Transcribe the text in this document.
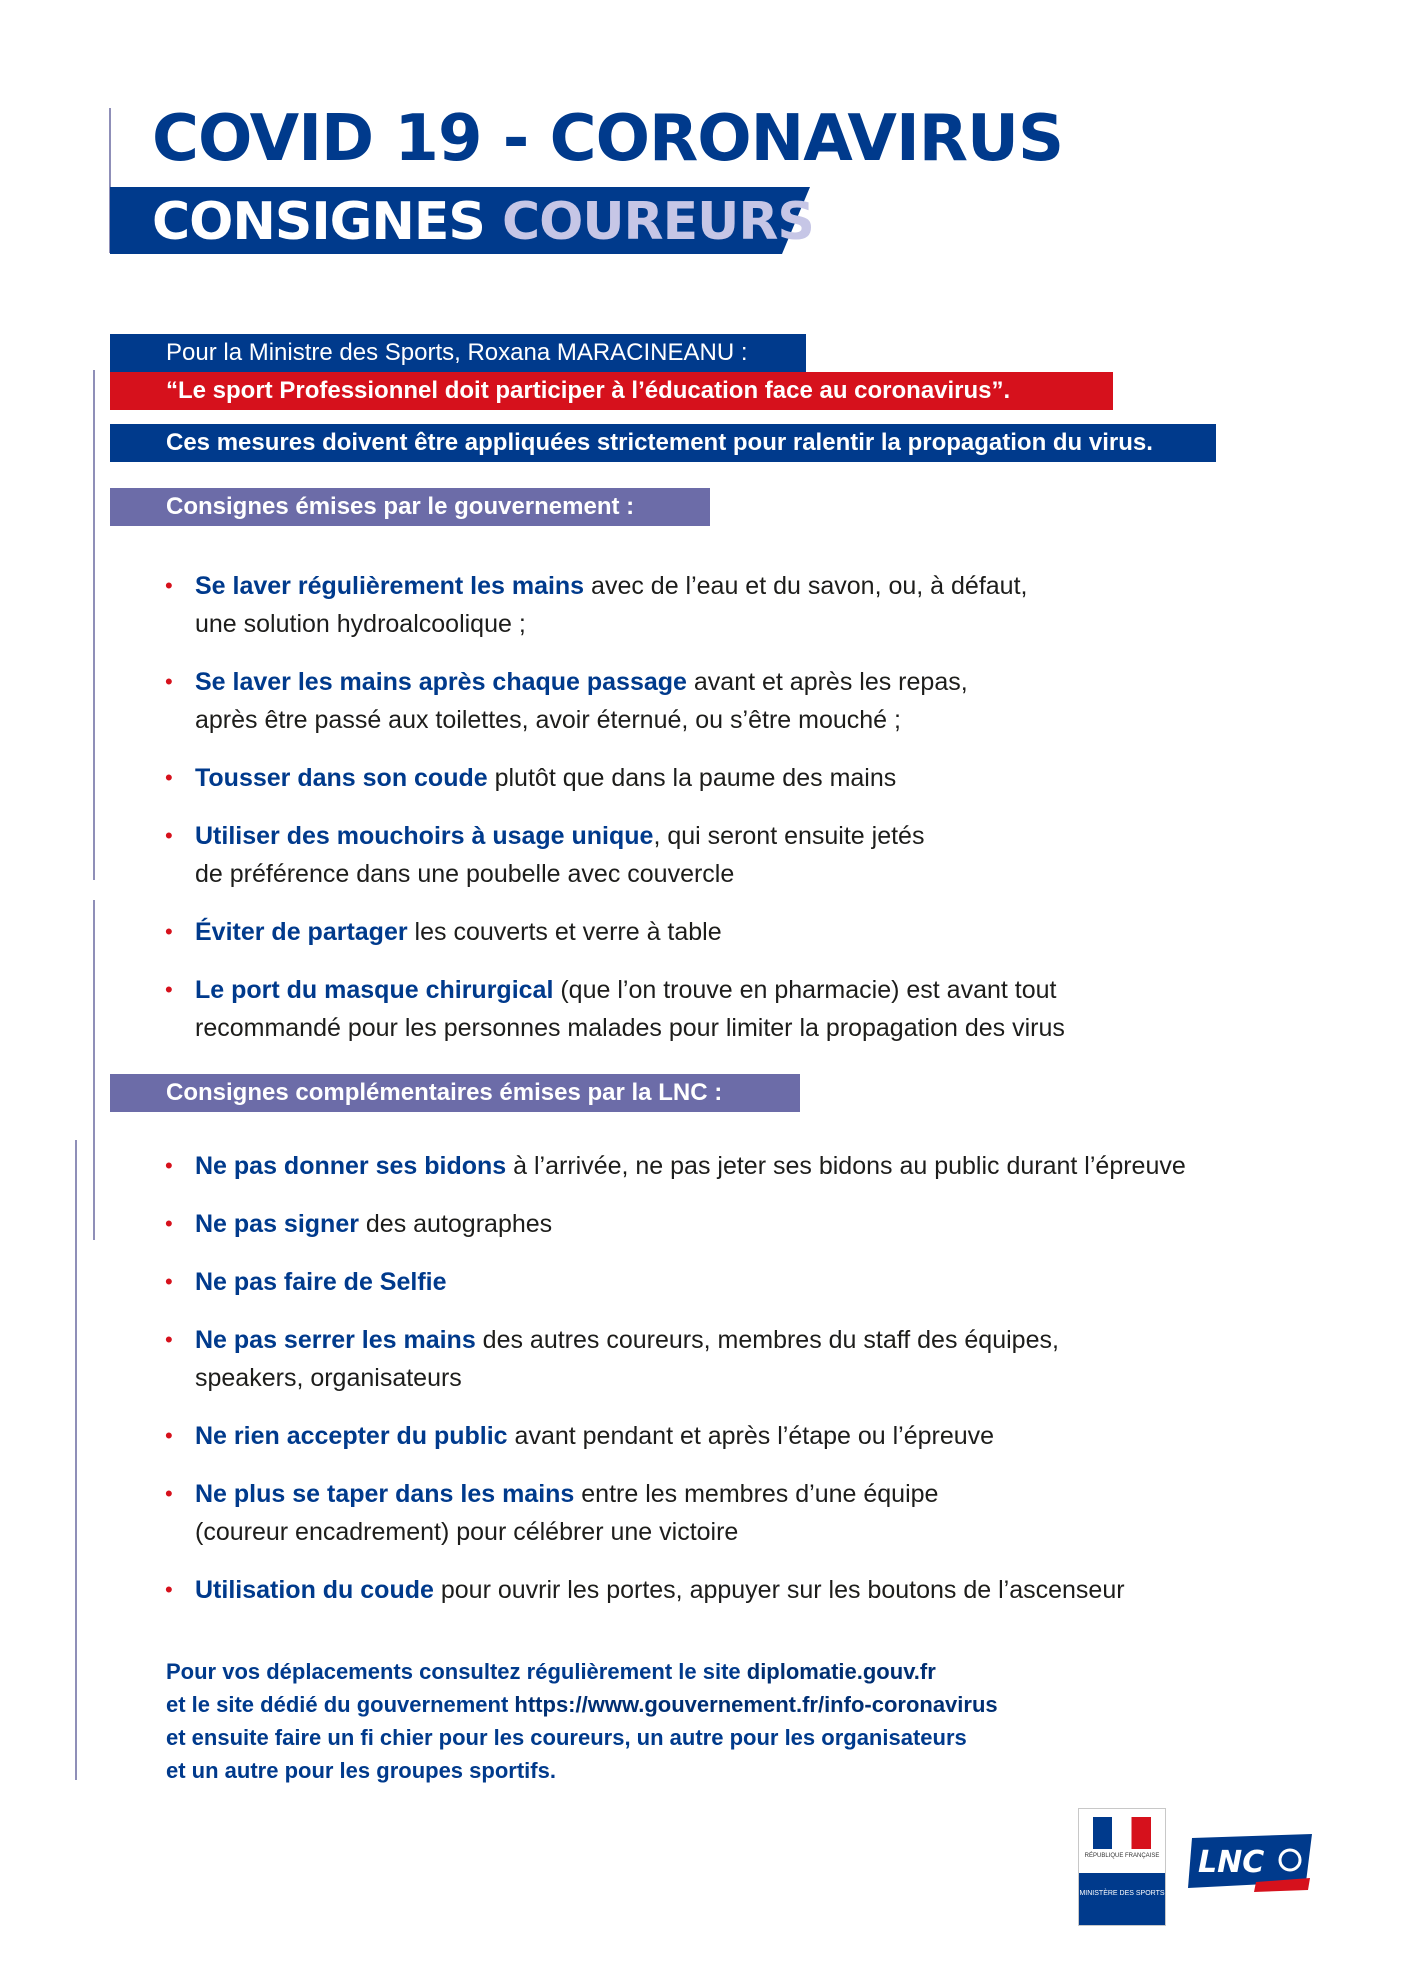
COVID 19 - CORONAVIRUS
CONSIGNES COUREURS
Pour la Ministre des Sports, Roxana MARACINEANU :
“Le sport Professionnel doit participer à l’éducation face au coronavirus”.
Ces mesures doivent être appliquées strictement pour ralentir la propagation du virus.
Consignes émises par le gouvernement :
• Se laver régulièrement les mains avec de l’eau et du savon, ou, à défaut,
une solution hydroalcoolique ;
• Se laver les mains après chaque passage avant et après les repas,
après être passé aux toilettes, avoir éternué, ou s’être mouché ;
• Tousser dans son coude plutôt que dans la paume des mains
• Utiliser des mouchoirs à usage unique, qui seront ensuite jetés
de préférence dans une poubelle avec couvercle
• Éviter de partager les couverts et verre à table
• Le port du masque chirurgical (que l’on trouve en pharmacie) est avant tout
recommandé pour les personnes malades pour limiter la propagation des virus
Consignes complémentaires émises par la LNC :
• Ne pas donner ses bidons à l’arrivée, ne pas jeter ses bidons au public durant l’épreuve
• Ne pas signer des autographes
• Ne pas faire de Selfie
• Ne pas serrer les mains des autres coureurs, membres du staff des équipes,
speakers, organisateurs
• Ne rien accepter du public avant pendant et après l’étape ou l’épreuve
• Ne plus se taper dans les mains entre les membres d’une équipe
(coureur encadrement) pour célébrer une victoire
• Utilisation du coude pour ouvrir les portes, appuyer sur les boutons de l’ascenseur
Pour vos déplacements consultez régulièrement le site diplomatie.gouv.fr
et le site dédié du gouvernement https://www.gouvernement.fr/info-coronavirus
et ensuite faire un fi chier pour les coureurs, un autre pour les organisateurs
et un autre pour les groupes sportifs.
RÉPUBLIQUE FRANÇAISE
MINISTÈRE DES SPORTS
LNC
